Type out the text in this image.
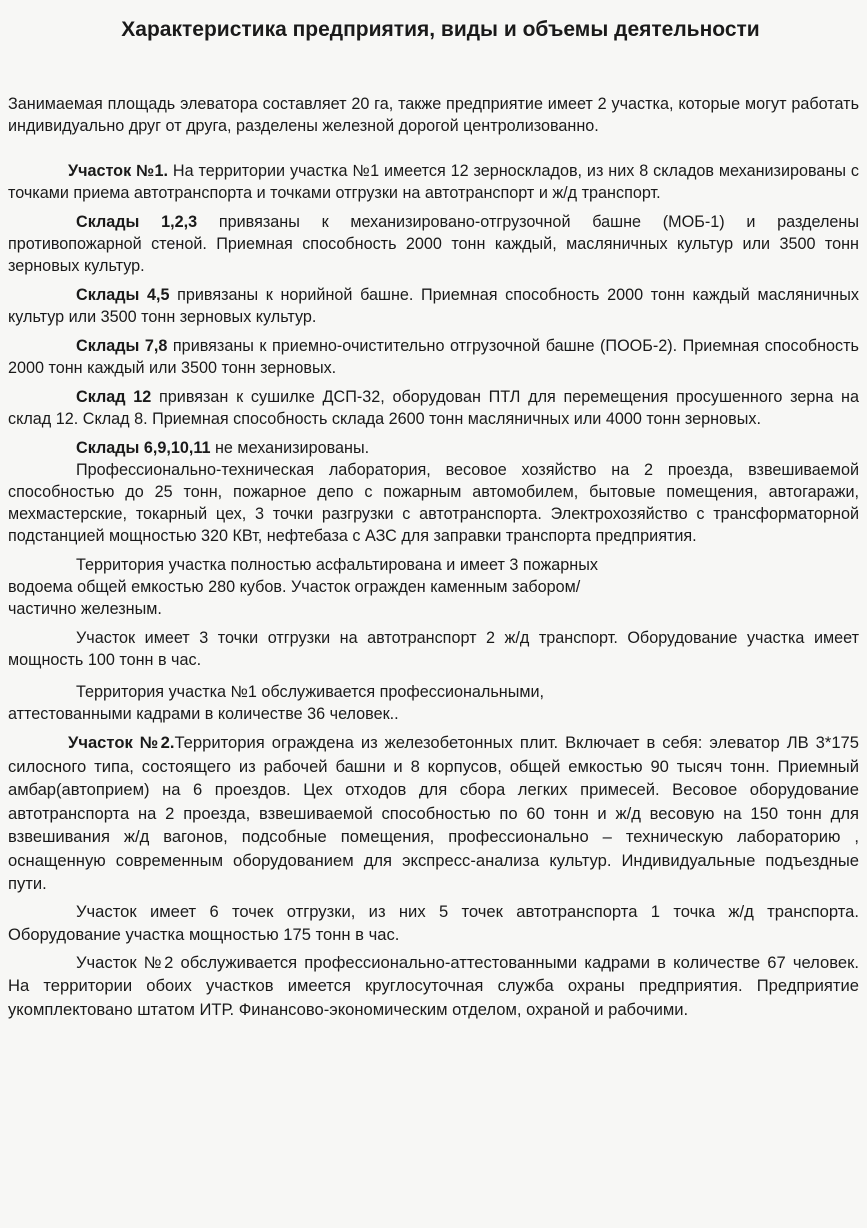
Характеристика предприятия, виды и объемы деятельности

Занимаемая площадь элеватора составляет 20 га, также предприятие имеет 2 участка, которые могут работать индивидуально друг от друга, разделены железной дорогой центролизованно.

Участок №1. На территории участка №1 имеется 12 зерноскладов, из них 8 складов механизированы с точками приема автотранспорта и точками отгрузки на автотранспорт и ж/д транспорт.

Склады 1,2,3 привязаны к механизировано-отгрузочной башне (МОБ-1) и разделены противопожарной стеной. Приемная способность 2000 тонн каждый, масляничных культур или 3500 тонн зерновых культур.

Склады 4,5 привязаны к норийной башне. Приемная способность 2000 тонн каждый масляничных культур или 3500 тонн зерновых культур.

Склады 7,8 привязаны к приемно-очистительно отгрузочной башне (ПООБ-2). Приемная способность 2000 тонн каждый или 3500 тонн зерновых.

Склад 12 привязан к сушилке ДСП-32, оборудован ПТЛ для перемещения просушенного зерна на склад 12. Склад 8. Приемная способность склада 2600 тонн масляничных или 4000 тонн зерновых.

Склады 6,9,10,11 не механизированы.

Профессионально-техническая лаборатория, весовое хозяйство на 2 проезда, взвешиваемой способностью до 25 тонн, пожарное депо с пожарным автомобилем, бытовые помещения, автогаражи, мехмастерские, токарный цех, 3 точки разгрузки с автотранспорта. Электрохозяйство с трансформаторной подстанцией мощностью 320 КВт, нефтебаза с АЗС для заправки транспорта предприятия.

Территория участка полностью асфальтирована и имеет 3 пожарных
водоема общей емкостью 280 кубов. Участок огражден каменным забором/
частично железным.

Участок имеет 3 точки отгрузки на автотранспорт 2 ж/д транспорт. Оборудование участка имеет мощность 100 тонн в час.

Территория участка №1 обслуживается профессиональными,
аттестованными кадрами в количестве 36 человек..

Участок №2.Территория ограждена из железобетонных плит. Включает в себя: элеватор ЛВ 3*175 силосного типа, состоящего из рабочей башни и 8 корпусов, общей емкостью 90 тысяч тонн. Приемный амбар(автоприем) на 6 проездов. Цех отходов для сбора легких примесей. Весовое оборудование автотранспорта на 2 проезда, взвешиваемой способностью по 60 тонн и ж/д весовую на 150 тонн для взвешивания ж/д вагонов, подсобные помещения, профессионально – техническую лабораторию , оснащенную современным оборудованием для экспресс-анализа культур. Индивидуальные подъездные пути.

Участок имеет 6 точек отгрузки, из них 5 точек автотранспорта 1 точка ж/д транспорта. Оборудование участка мощностью 175 тонн в час.

Участок №2 обслуживается профессионально-аттестованными кадрами в количестве 67 человек. На территории обоих участков имеется круглосуточная служба охраны предприятия. Предприятие укомплектовано штатом ИТР. Финансово-экономическим отделом, охраной и рабочими.
